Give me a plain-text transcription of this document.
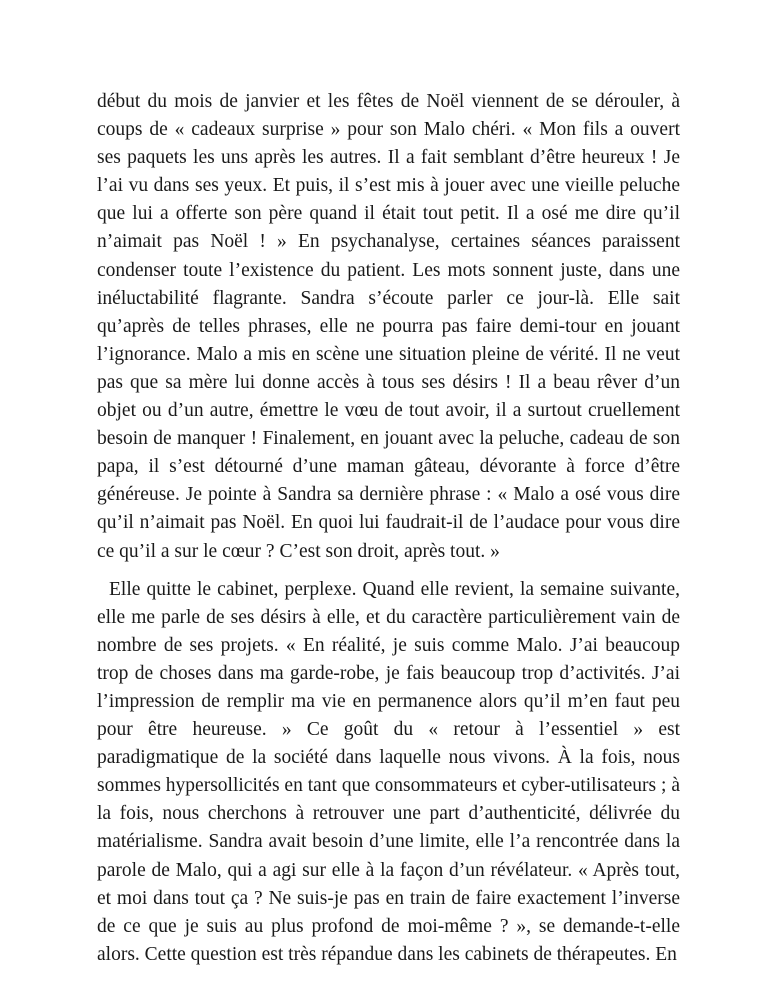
début du mois de janvier et les fêtes de Noël viennent de se dérouler, à coups de « cadeaux surprise » pour son Malo chéri. « Mon fils a ouvert ses paquets les uns après les autres. Il a fait semblant d’être heureux ! Je l’ai vu dans ses yeux. Et puis, il s’est mis à jouer avec une vieille peluche que lui a offerte son père quand il était tout petit. Il a osé me dire qu’il n’aimait pas Noël ! » En psychanalyse, certaines séances paraissent condenser toute l’existence du patient. Les mots sonnent juste, dans une inéluctabilité flagrante. Sandra s’écoute parler ce jour-là. Elle sait qu’après de telles phrases, elle ne pourra pas faire demi-tour en jouant l’ignorance. Malo a mis en scène une situation pleine de vérité. Il ne veut pas que sa mère lui donne accès à tous ses désirs ! Il a beau rêver d’un objet ou d’un autre, émettre le vœu de tout avoir, il a surtout cruellement besoin de manquer ! Finalement, en jouant avec la peluche, cadeau de son papa, il s’est détourné d’une maman gâteau, dévorante à force d’être généreuse. Je pointe à Sandra sa dernière phrase : « Malo a osé vous dire qu’il n’aimait pas Noël. En quoi lui faudrait-il de l’audace pour vous dire ce qu’il a sur le cœur ? C’est son droit, après tout. »

Elle quitte le cabinet, perplexe. Quand elle revient, la semaine suivante, elle me parle de ses désirs à elle, et du caractère particulièrement vain de nombre de ses projets. « En réalité, je suis comme Malo. J’ai beaucoup trop de choses dans ma garde-robe, je fais beaucoup trop d’activités. J’ai l’impression de remplir ma vie en permanence alors qu’il m’en faut peu pour être heureuse. » Ce goût du « retour à l’essentiel » est paradigmatique de la société dans laquelle nous vivons. À la fois, nous sommes hypersollicités en tant que consommateurs et cyber-utilisateurs ; à la fois, nous cherchons à retrouver une part d’authenticité, délivrée du matérialisme. Sandra avait besoin d’une limite, elle l’a rencontrée dans la parole de Malo, qui a agi sur elle à la façon d’un révélateur. « Après tout, et moi dans tout ça ? Ne suis-je pas en train de faire exactement l’inverse de ce que je suis au plus profond de moi-même ? », se demande-t-elle alors. Cette question est très répandue dans les cabinets de thérapeutes. En
